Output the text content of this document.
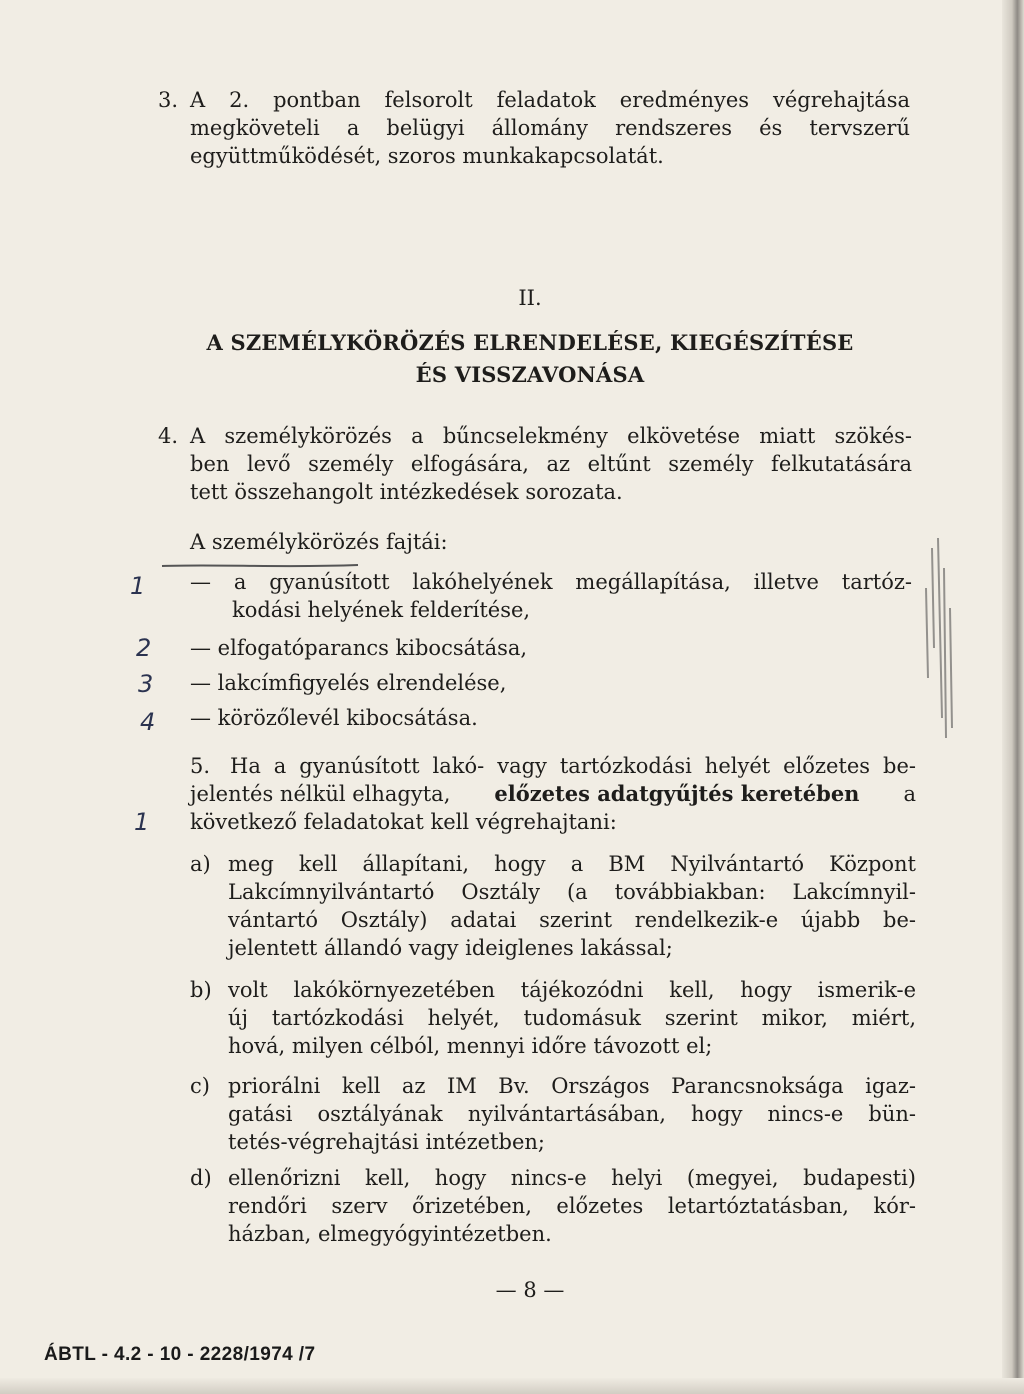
3. A 2. pontban felsorolt feladatok eredményes végrehajtása

megköveteli a belügyi állomány rendszeres és tervszerű

együttműködését, szoros munkakapcsolatát.

II.
A SZEMÉLYKÖRÖZÉS ELRENDELÉSE, KIEGÉSZÍTÉSE
ÉS VISSZAVONÁSA
4. A személykörözés a bűncselekmény elkövetése miatt szökés-

ben levő személy elfogására, az eltűnt személy felkutatására

tett összehangolt intézkedések sorozata.

A személykörözés fajtái:

— a gyanúsított lakóhelyének megállapítása, illetve tartóz-

kodási helyének felderítése,

— elfogatóparancs kibocsátása,

— lakcímfigyelés elrendelése,

— körözőlevél kibocsátása.

1
2
3
4
5.
1

Ha a gyanúsított lakó- vagy tartózkodási helyét előzetes be-

jelentés nélkül elhagyta, előzetes adatgyűjtés keretében a

következő feladatokat kell végrehajtani:

a) meg kell állapítani, hogy a BM Nyilvántartó Központ

Lakcímnyilvántartó Osztály (a továbbiakban: Lakcímnyil-

vántartó Osztály) adatai szerint rendelkezik-e újabb be-

jelentett állandó vagy ideiglenes lakással;

b) volt lakókörnyezetében tájékozódni kell, hogy ismerik-e

új tartózkodási helyét, tudomásuk szerint mikor, miért,

hová, milyen célból, mennyi időre távozott el;

c) priorálni kell az IM Bv. Országos Parancsnoksága igaz-

gatási osztályának nyilvántartásában, hogy nincs-e bün-

tetés-végrehajtási intézetben;

d) ellenőrizni kell, hogy nincs-e helyi (megyei, budapesti)

rendőri szerv őrizetében, előzetes letartóztatásban, kór-

házban, elmegyógyintézetben.

— 8 —
ÁBTL - 4.2 - 10 - 2228/1974 /7
